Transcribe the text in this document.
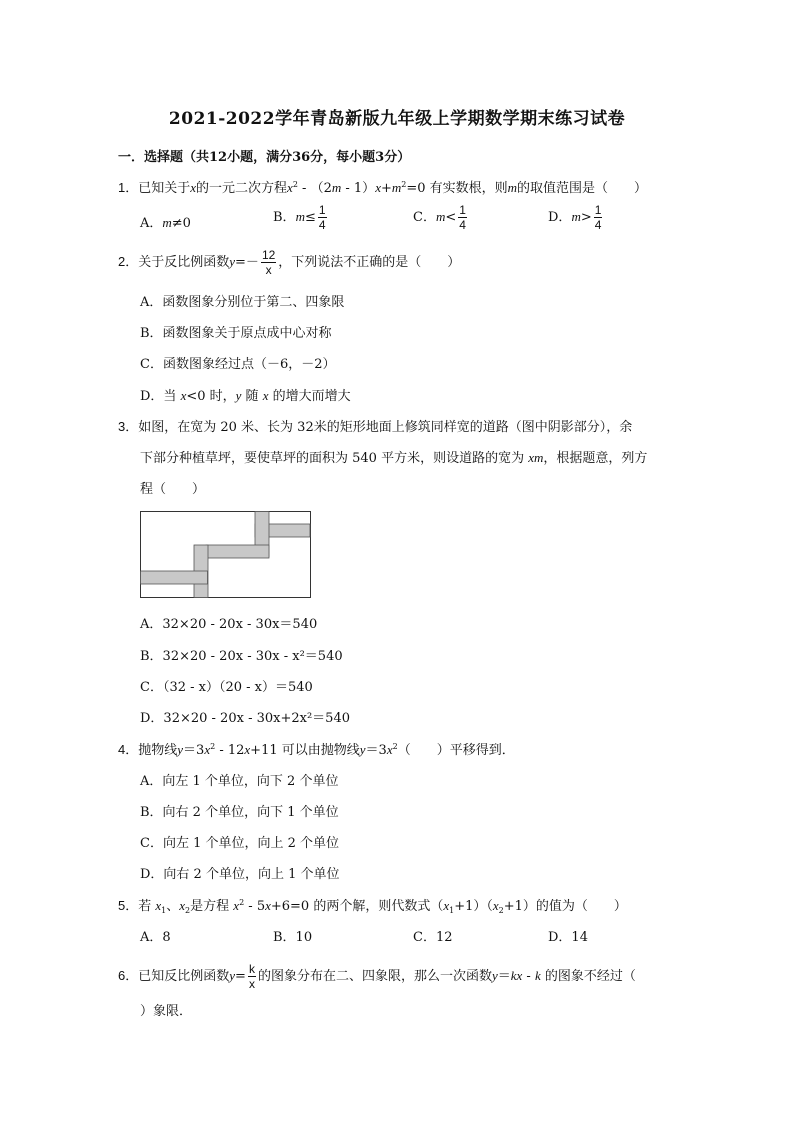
2021-2022学年青岛新版九年级上学期数学期末练习试卷
一．选择题（共12小题，满分36分，每小题3分）
1．已知关于x的一元二次方程$x^2 - (2m - 1)x+m^2=0$ 有实数根，则m的取值范围是（　　）
A．m≠0	B．$m\le \frac{1}{4}$	C．$m< \frac{1}{4}$	D．$m> \frac{1}{4}$
2．关于反比例函数$y=- \frac{12}{x}$ ，下列说法不正确的是（　　）
A．函数图象分别位于第二、四象限
B．函数图象关于原点成中心对称
C．函数图象经过点（－6，－2）
D．当 x<0 时，y 随 x 的增大而增大
3．如图，在宽为 20 米、长为 32米的矩形地面上修筑同样宽的道路（图中阴影部分），余
下部分种植草坪，要使草坪的面积为 540 平方米，则设道路的宽为 xm，根据题意，列方
程（　　）
A．32×20 - 20x - 30x＝540
B．32×20 - 20x - 30x - x²＝540
C．（32 - x）（20 - x）＝540
D．32×20 - 20x - 30x+2x²＝540
4．抛物线$y=3x^2 - 12x+11$ 可以由抛物线$y=3x^2$（　　）平移得到．
A．向左 1 个单位，向下 2 个单位
B．向右 2 个单位，向下 1 个单位
C．向左 1 个单位，向上 2 个单位
D．向右 2 个单位，向上 1 个单位
5．若 $x_1$、$x_2$是方程 $x^2 - 5x+6=0$ 的两个解，则代数式$(x_1+1)(x_2+1)$的值为（　　）
A．8	B．10	C．12	D．14
6．已知反比例函数$y= \frac{k}{x}$ 的图象分布在二、四象限，那么一次函数y＝kx - k 的图象不经过（
）象限．
